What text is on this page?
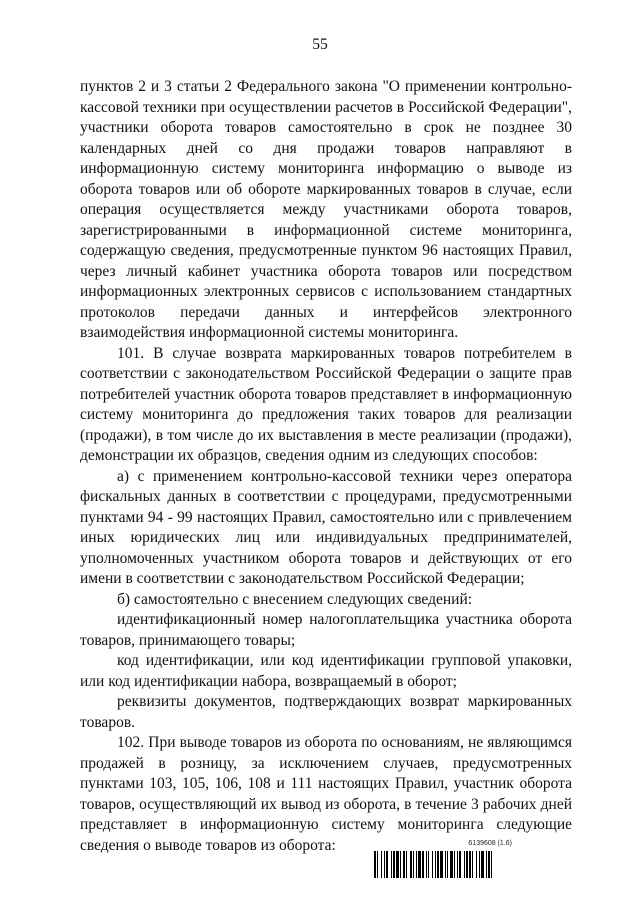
55

пунктов 2 и 3 статьи 2 Федерального закона "О применении контрольно-кассовой техники при осуществлении расчетов в Российской Федерации", участники оборота товаров самостоятельно в срок не позднее 30 календарных дней со дня продажи товаров направляют в информационную систему мониторинга информацию о выводе из оборота товаров или об обороте маркированных товаров в случае, если операция осуществляется между участниками оборота товаров, зарегистрированными в информационной системе мониторинга, содержащую сведения, предусмотренные пунктом 96 настоящих Правил, через личный кабинет участника оборота товаров или посредством информационных электронных сервисов с использованием стандартных протоколов передачи данных и интерфейсов электронного взаимодействия информационной системы мониторинга.

101. В случае возврата маркированных товаров потребителем в соответствии с законодательством Российской Федерации о защите прав потребителей участник оборота товаров представляет в информационную систему мониторинга до предложения таких товаров для реализации (продажи), в том числе до их выставления в месте реализации (продажи), демонстрации их образцов, сведения одним из следующих способов:

а) с применением контрольно-кассовой техники через оператора фискальных данных в соответствии с процедурами, предусмотренными пунктами 94 - 99 настоящих Правил, самостоятельно или с привлечением иных юридических лиц или индивидуальных предпринимателей, уполномоченных участником оборота товаров и действующих от его имени в соответствии с законодательством Российской Федерации;

б) самостоятельно с внесением следующих сведений:

идентификационный номер налогоплательщика участника оборота товаров, принимающего товары;

код идентификации, или код идентификации групповой упаковки, или код идентификации набора, возвращаемый в оборот;

реквизиты документов, подтверждающих возврат маркированных товаров.

102. При выводе товаров из оборота по основаниям, не являющимся продажей в розницу, за исключением случаев, предусмотренных пунктами 103, 105, 106, 108 и 111 настоящих Правил, участник оборота товаров, осуществляющий их вывод из оборота, в течение 3 рабочих дней представляет в информационную систему мониторинга следующие сведения о выводе товаров из оборота:	6139608 (1.6)
